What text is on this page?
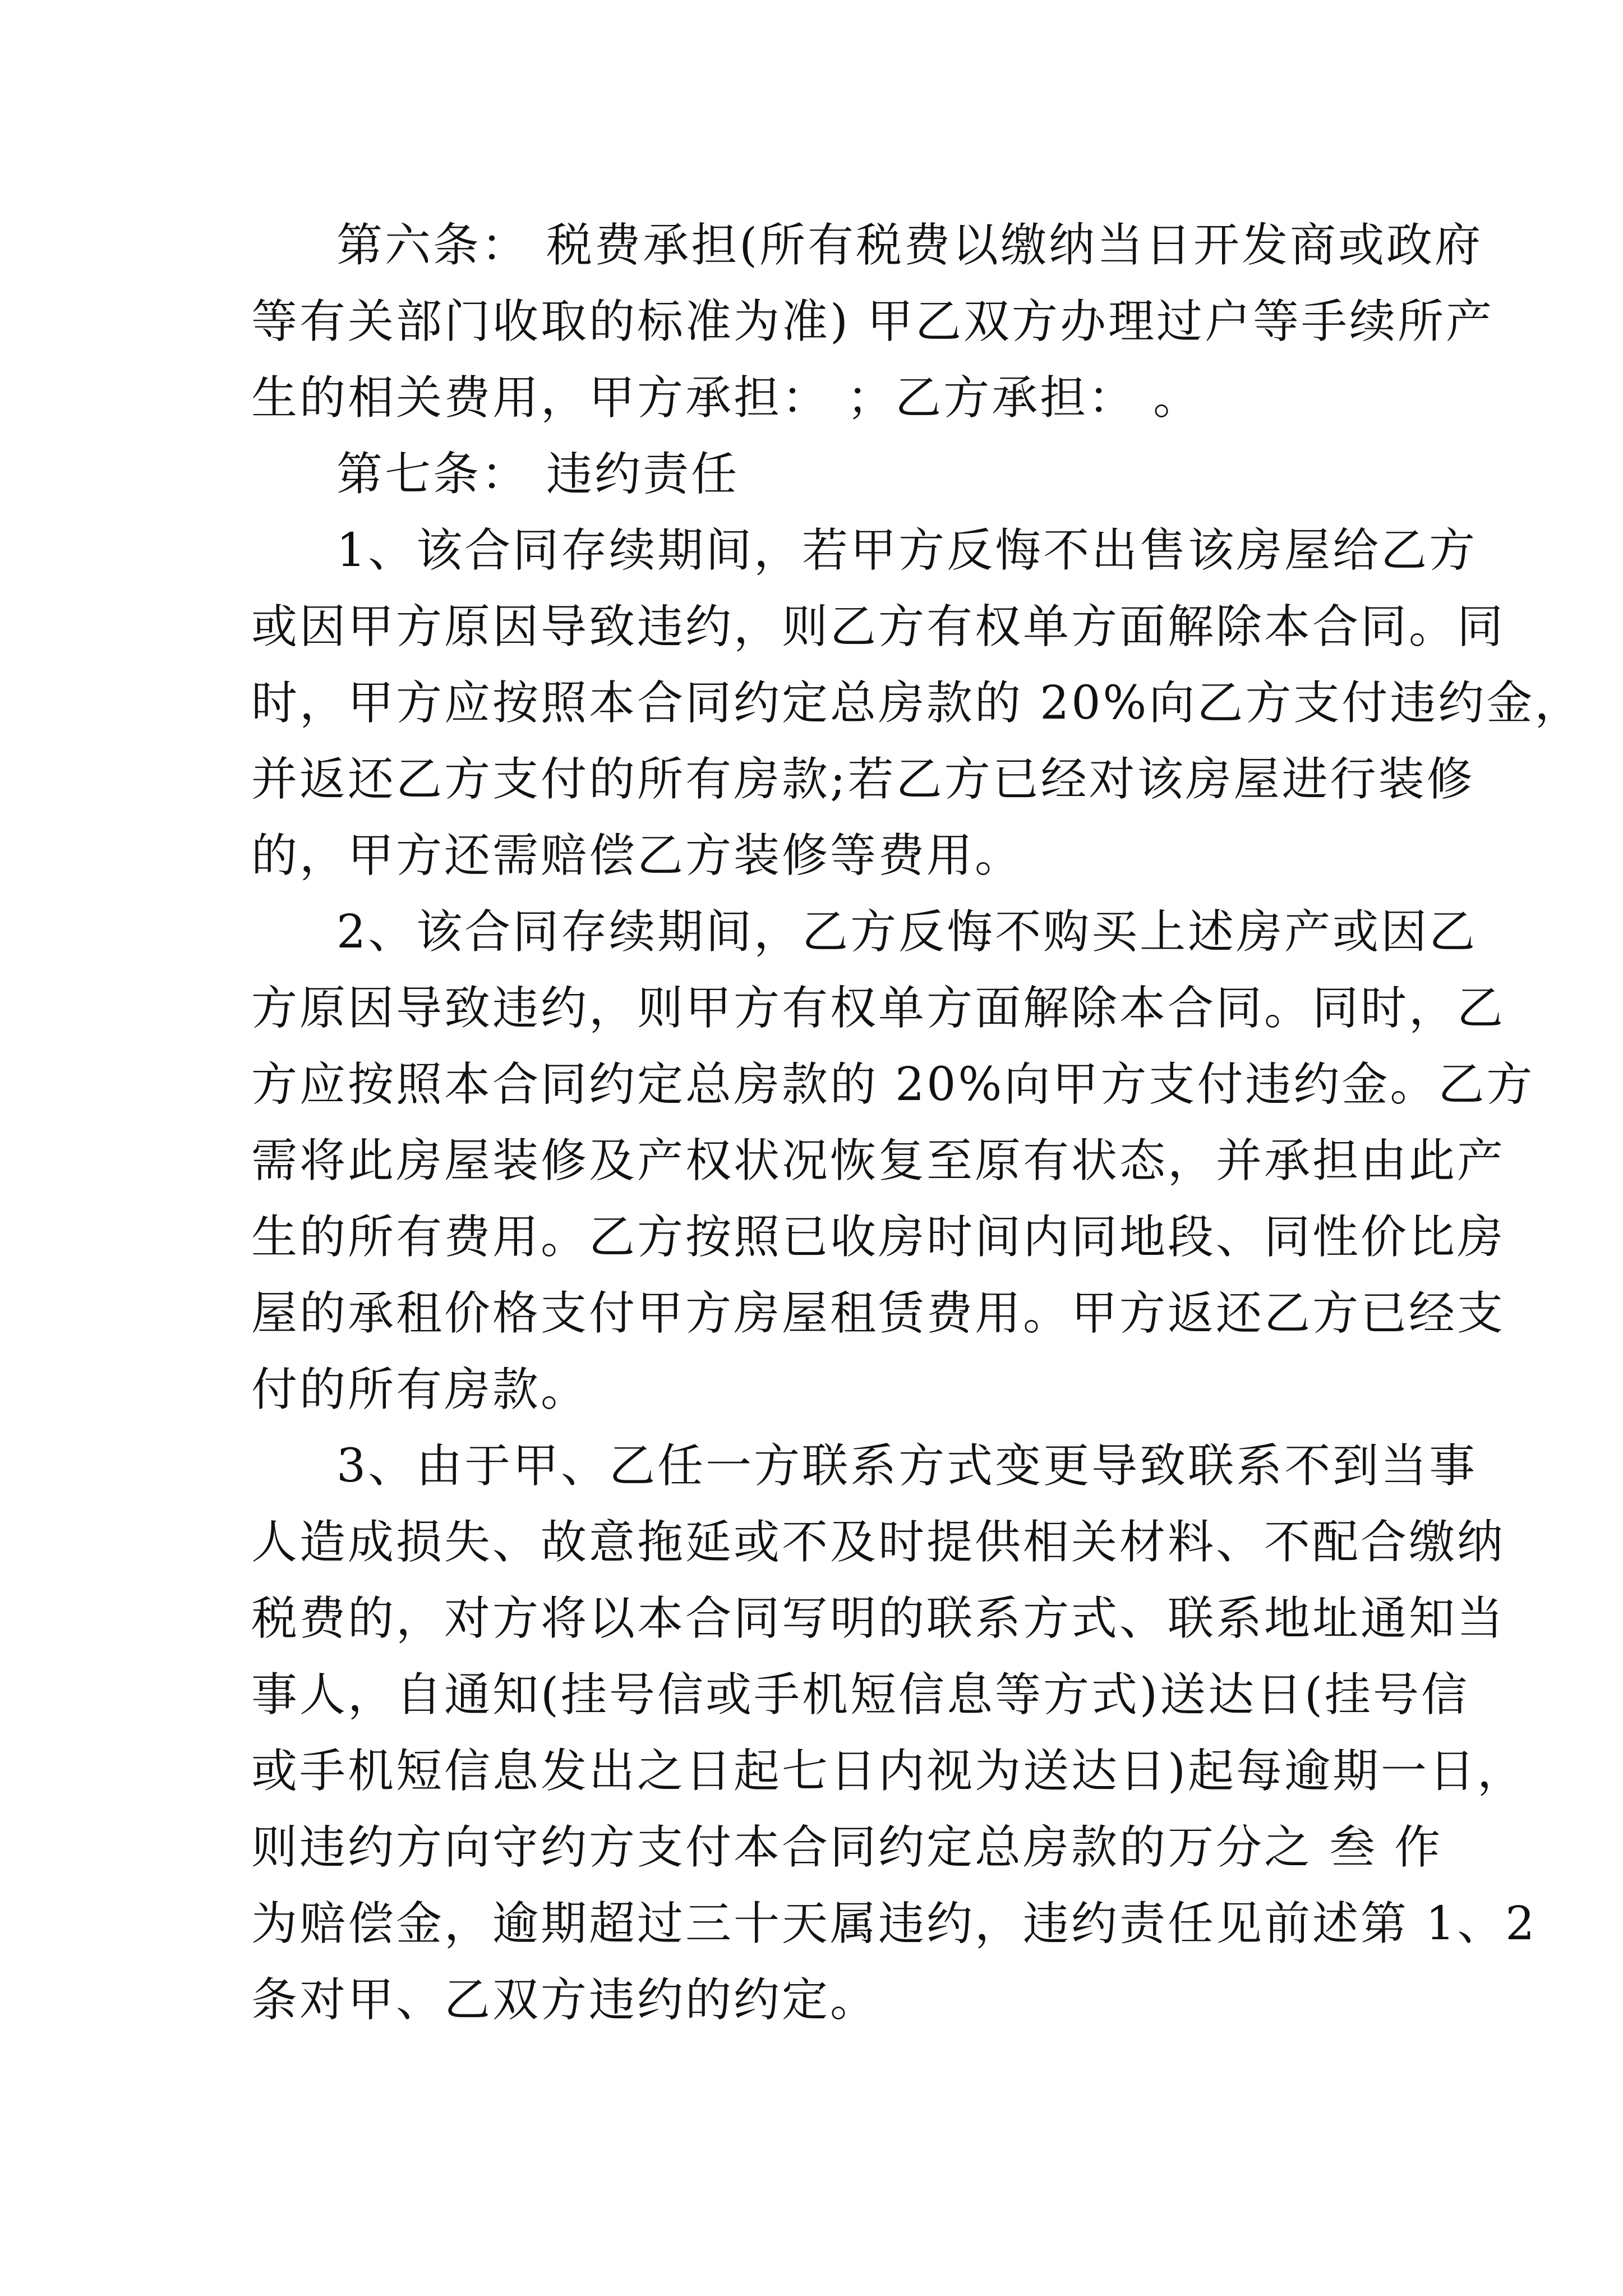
第六条： 税费承担(所有税费以缴纳当日开发商或政府
等有关部门收取的标准为准) 甲乙双方办理过户等手续所产
生的相关费用，甲方承担： ；乙方承担： 。
第七条： 违约责任
1、该合同存续期间，若甲方反悔不出售该房屋给乙方
或因甲方原因导致违约，则乙方有权单方面解除本合同。同
时，甲方应按照本合同约定总房款的 20%向乙方支付违约金，
并返还乙方支付的所有房款;若乙方已经对该房屋进行装修
的，甲方还需赔偿乙方装修等费用。
2、该合同存续期间，乙方反悔不购买上述房产或因乙
方原因导致违约，则甲方有权单方面解除本合同。同时，乙
方应按照本合同约定总房款的 20%向甲方支付违约金。乙方
需将此房屋装修及产权状况恢复至原有状态，并承担由此产
生的所有费用。乙方按照已收房时间内同地段、同性价比房
屋的承租价格支付甲方房屋租赁费用。甲方返还乙方已经支
付的所有房款。
3、由于甲、乙任一方联系方式变更导致联系不到当事
人造成损失、故意拖延或不及时提供相关材料、不配合缴纳
税费的，对方将以本合同写明的联系方式、联系地址通知当
事人，自通知(挂号信或手机短信息等方式)送达日(挂号信
或手机短信息发出之日起七日内视为送达日)起每逾期一日，
则违约方向守约方支付本合同约定总房款的万分之 叁 作
为赔偿金，逾期超过三十天属违约，违约责任见前述第 1、2
条对甲、乙双方违约的约定。
